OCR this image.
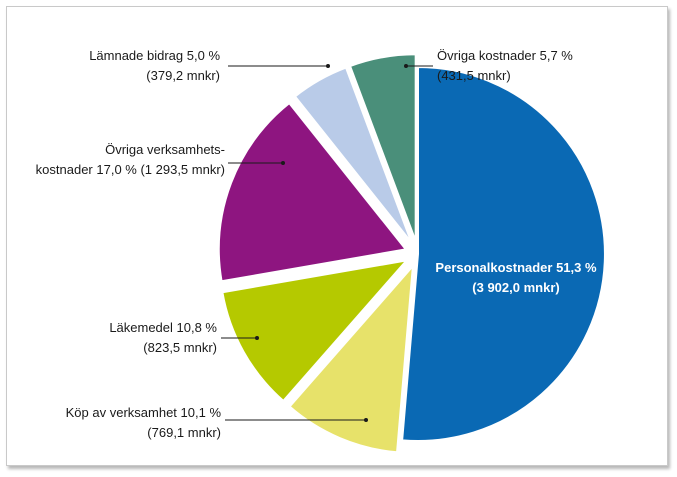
Lämnade bidrag 5,0 %
(379,2 mnkr)
Övriga kostnader 5,7 %
(431,5 mnkr)
Övriga verksamhets-
kostnader 17,0 % (1 293,5 mnkr)
Läkemedel 10,8 %
(823,5 mnkr)
Köp av verksamhet 10,1 %
(769,1 mnkr)
Personalkostnader 51,3 %
(3 902,0 mnkr)
